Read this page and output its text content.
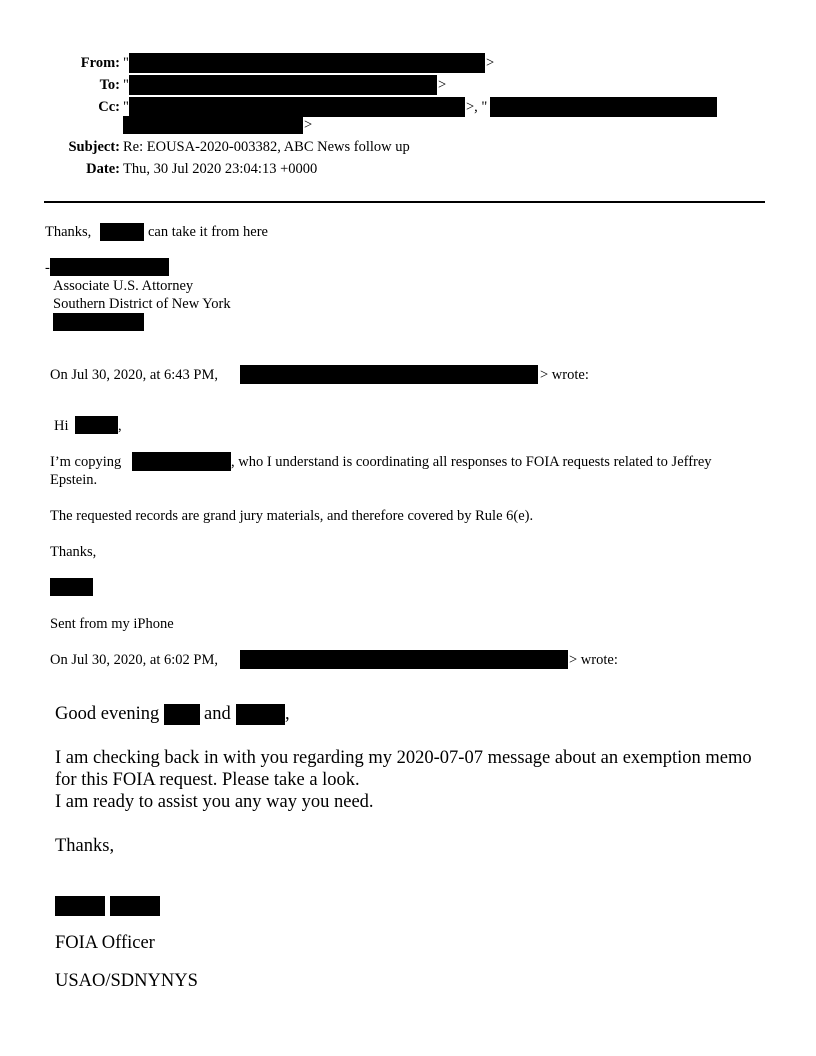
From: "	>
To: "	>
Cc: "	>, "
>
Subject: Re: EOUSA-2020-003382, ABC News follow up
Date: Thu, 30 Jul 2020 23:04:13 +0000
Thanks,	can take it from here
-
Associate U.S. Attorney
Southern District of New York
On Jul 30, 2020, at 6:43 PM,	> wrote:
Hi	,
I’m copying	, who I understand is coordinating all responses to FOIA requests related to Jeffrey
Epstein.
The requested records are grand jury materials, and therefore covered by Rule 6(e).
Thanks,
Sent from my iPhone
On Jul 30, 2020, at 6:02 PM,	> wrote:
Good evening and	,
I am checking back in with you regarding my 2020-07-07 message about an exemption memo
for this FOIA request. Please take a look.
I am ready to assist you any way you need.
Thanks,
FOIA Officer
USAO/SDNYNYS
